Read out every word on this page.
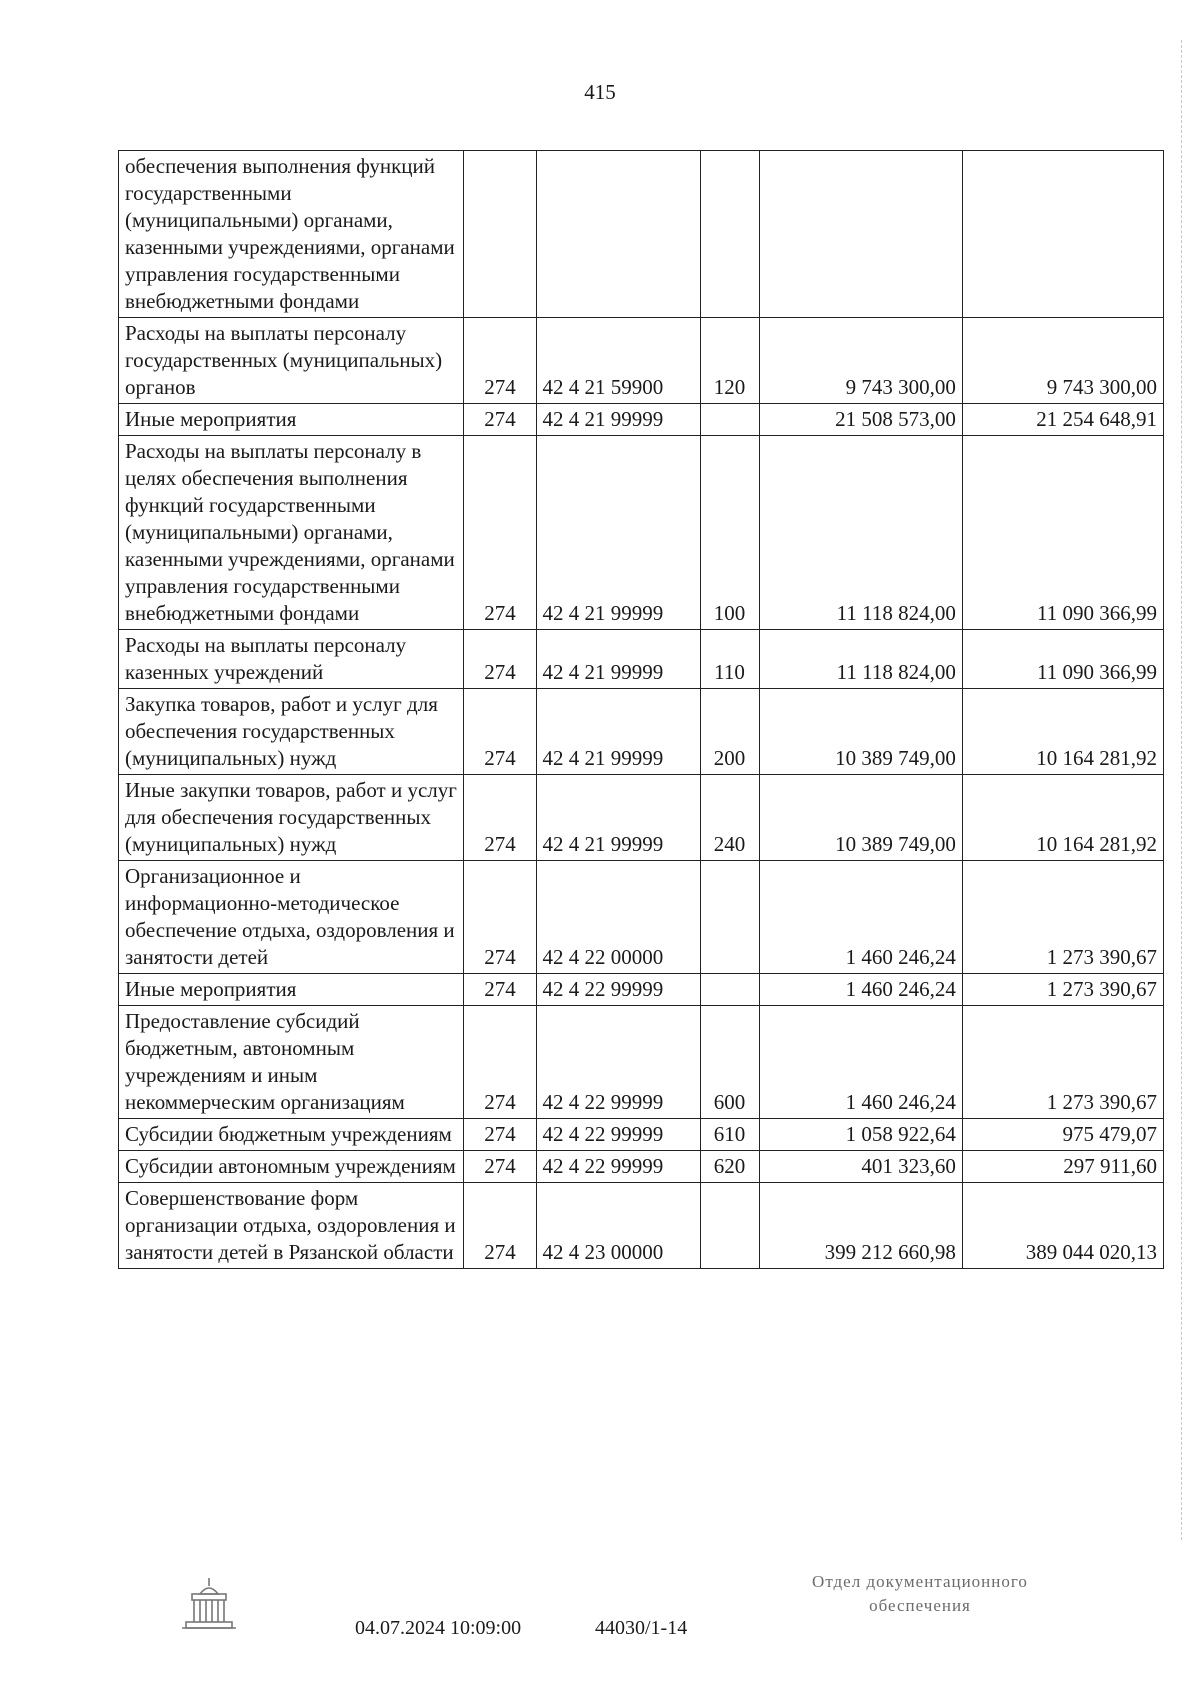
415
обеспечения выполнения функций государственными (муниципальными) органами, казенными учреждениями, органами управления государственными внебюджетными фондами					
Расходы на выплаты персоналу государственных (муниципальных) органов	274	42 4 21 59900	120	9 743 300,00	9 743 300,00
Иные мероприятия	274	42 4 21 99999		21 508 573,00	21 254 648,91
Расходы на выплаты персоналу в целях обеспечения выполнения функций государственными (муниципальными) органами, казенными учреждениями, органами управления государственными внебюджетными фондами	274	42 4 21 99999	100	11 118 824,00	11 090 366,99
Расходы на выплаты персоналу казенных учреждений	274	42 4 21 99999	110	11 118 824,00	11 090 366,99
Закупка товаров, работ и услуг для обеспечения государственных (муниципальных) нужд	274	42 4 21 99999	200	10 389 749,00	10 164 281,92
Иные закупки товаров, работ и услуг для обеспечения государственных (муниципальных) нужд	274	42 4 21 99999	240	10 389 749,00	10 164 281,92
Организационное и информационно-методическое обеспечение отдыха, оздоровления и занятости детей	274	42 4 22 00000		1 460 246,24	1 273 390,67
Иные мероприятия	274	42 4 22 99999		1 460 246,24	1 273 390,67
Предоставление субсидий бюджетным, автономным учреждениям и иным некоммерческим организациям	274	42 4 22 99999	600	1 460 246,24	1 273 390,67
Субсидии бюджетным учреждениям	274	42 4 22 99999	610	1 058 922,64	975 479,07
Субсидии автономным учреждениям	274	42 4 22 99999	620	401 323,60	297 911,60
Совершенствование форм организации отдыха, оздоровления и занятости детей в Рязанской области	274	42 4 23 00000		399 212 660,98	389 044 020,13
04.07.2024 10:09:00	44030/1-14
Отдел документационного
обеспечения
